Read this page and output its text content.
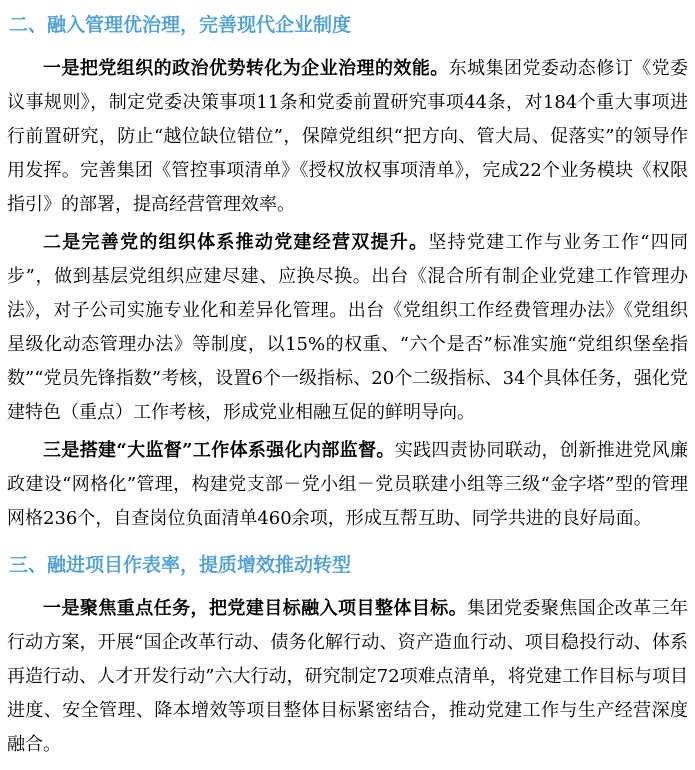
二、融入管理优治理，完善现代企业制度

一是把党组织的政治优势转化为企业治理的效能。东城集团党委动态修订《党委议事规则》，制定党委决策事项11条和党委前置研究事项44条，对184个重大事项进行前置研究，防止“越位缺位错位”，保障党组织“把方向、管大局、促落实”的领导作用发挥。完善集团《管控事项清单》《授权放权事项清单》，完成22个业务模块《权限指引》的部署，提高经营管理效率。

二是完善党的组织体系推动党建经营双提升。坚持党建工作与业务工作“四同步”，做到基层党组织应建尽建、应换尽换。出台《混合所有制企业党建工作管理办法》，对子公司实施专业化和差异化管理。出台《党组织工作经费管理办法》《党组织星级化动态管理办法》等制度，以15%的权重、“六个是否”标准实施“党组织堡垒指数”“党员先锋指数”考核，设置6个一级指标、20个二级指标、34个具体任务，强化党建特色（重点）工作考核，形成党业相融互促的鲜明导向。

三是搭建“大监督”工作体系强化内部监督。实践四责协同联动，创新推进党风廉政建设“网格化”管理，构建党支部－党小组－党员联建小组等三级“金字塔”型的管理网格236个，自查岗位负面清单460余项，形成互帮互助、同学共进的良好局面。

三、融进项目作表率，提质增效推动转型

一是聚焦重点任务，把党建目标融入项目整体目标。集团党委聚焦国企改革三年行动方案，开展“国企改革行动、债务化解行动、资产造血行动、项目稳投行动、体系再造行动、人才开发行动”六大行动，研究制定72项难点清单，将党建工作目标与项目进度、安全管理、降本增效等项目整体目标紧密结合，推动党建工作与生产经营深度融合。
